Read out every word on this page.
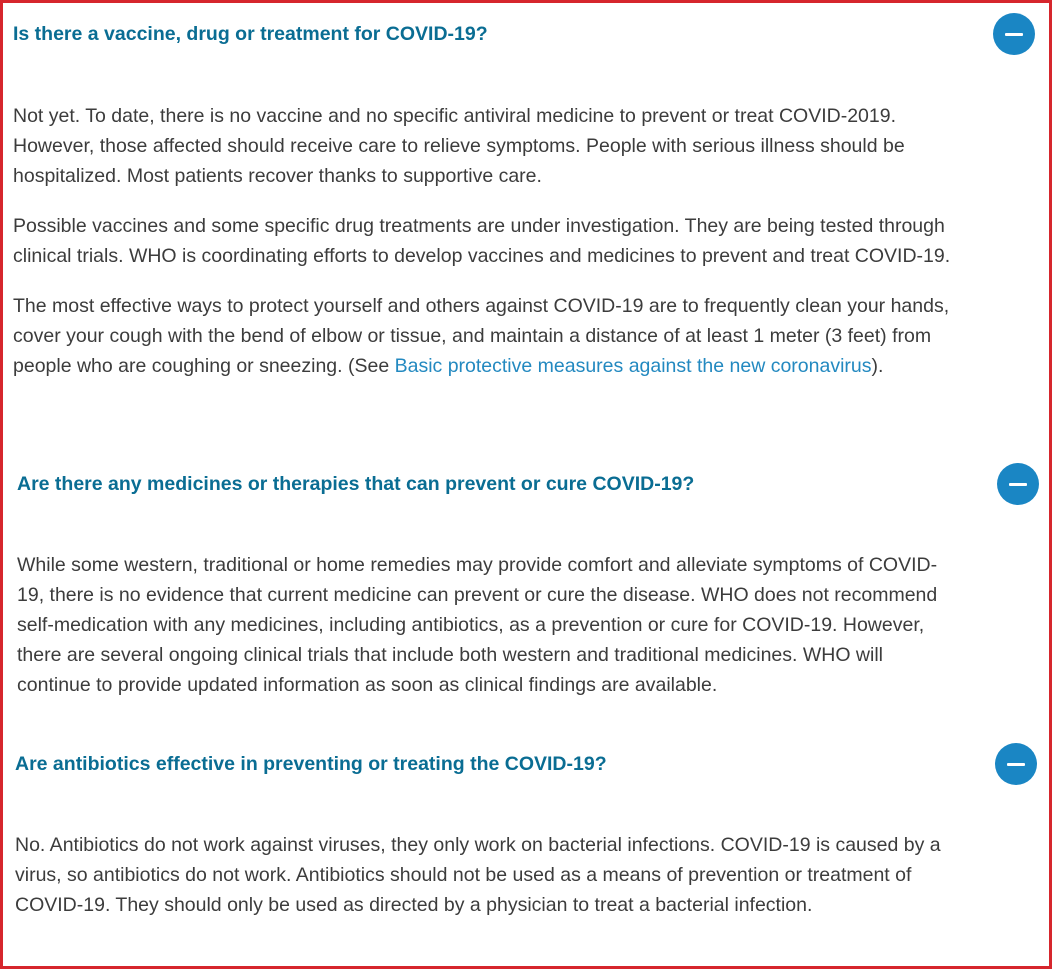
Is there a vaccine, drug or treatment for COVID-19?

Not yet. To date, there is no vaccine and no specific antiviral medicine to prevent or treat COVID-2019. However, those affected should receive care to relieve symptoms. People with serious illness should be hospitalized. Most patients recover thanks to supportive care.

Possible vaccines and some specific drug treatments are under investigation. They are being tested through clinical trials. WHO is coordinating efforts to develop vaccines and medicines to prevent and treat COVID-19.

The most effective ways to protect yourself and others against COVID-19 are to frequently clean your hands, cover your cough with the bend of elbow or tissue, and maintain a distance of at least 1 meter (3 feet) from people who are coughing or sneezing. (See Basic protective measures against the new coronavirus).

Are there any medicines or therapies that can prevent or cure COVID-19?

While some western, traditional or home remedies may provide comfort and alleviate symptoms of COVID-19, there is no evidence that current medicine can prevent or cure the disease. WHO does not recommend self-medication with any medicines, including antibiotics, as a prevention or cure for COVID-19. However, there are several ongoing clinical trials that include both western and traditional medicines. WHO will continue to provide updated information as soon as clinical findings are available.

Are antibiotics effective in preventing or treating the COVID-19?

No. Antibiotics do not work against viruses, they only work on bacterial infections. COVID-19 is caused by a virus, so antibiotics do not work. Antibiotics should not be used as a means of prevention or treatment of COVID-19. They should only be used as directed by a physician to treat a bacterial infection.
